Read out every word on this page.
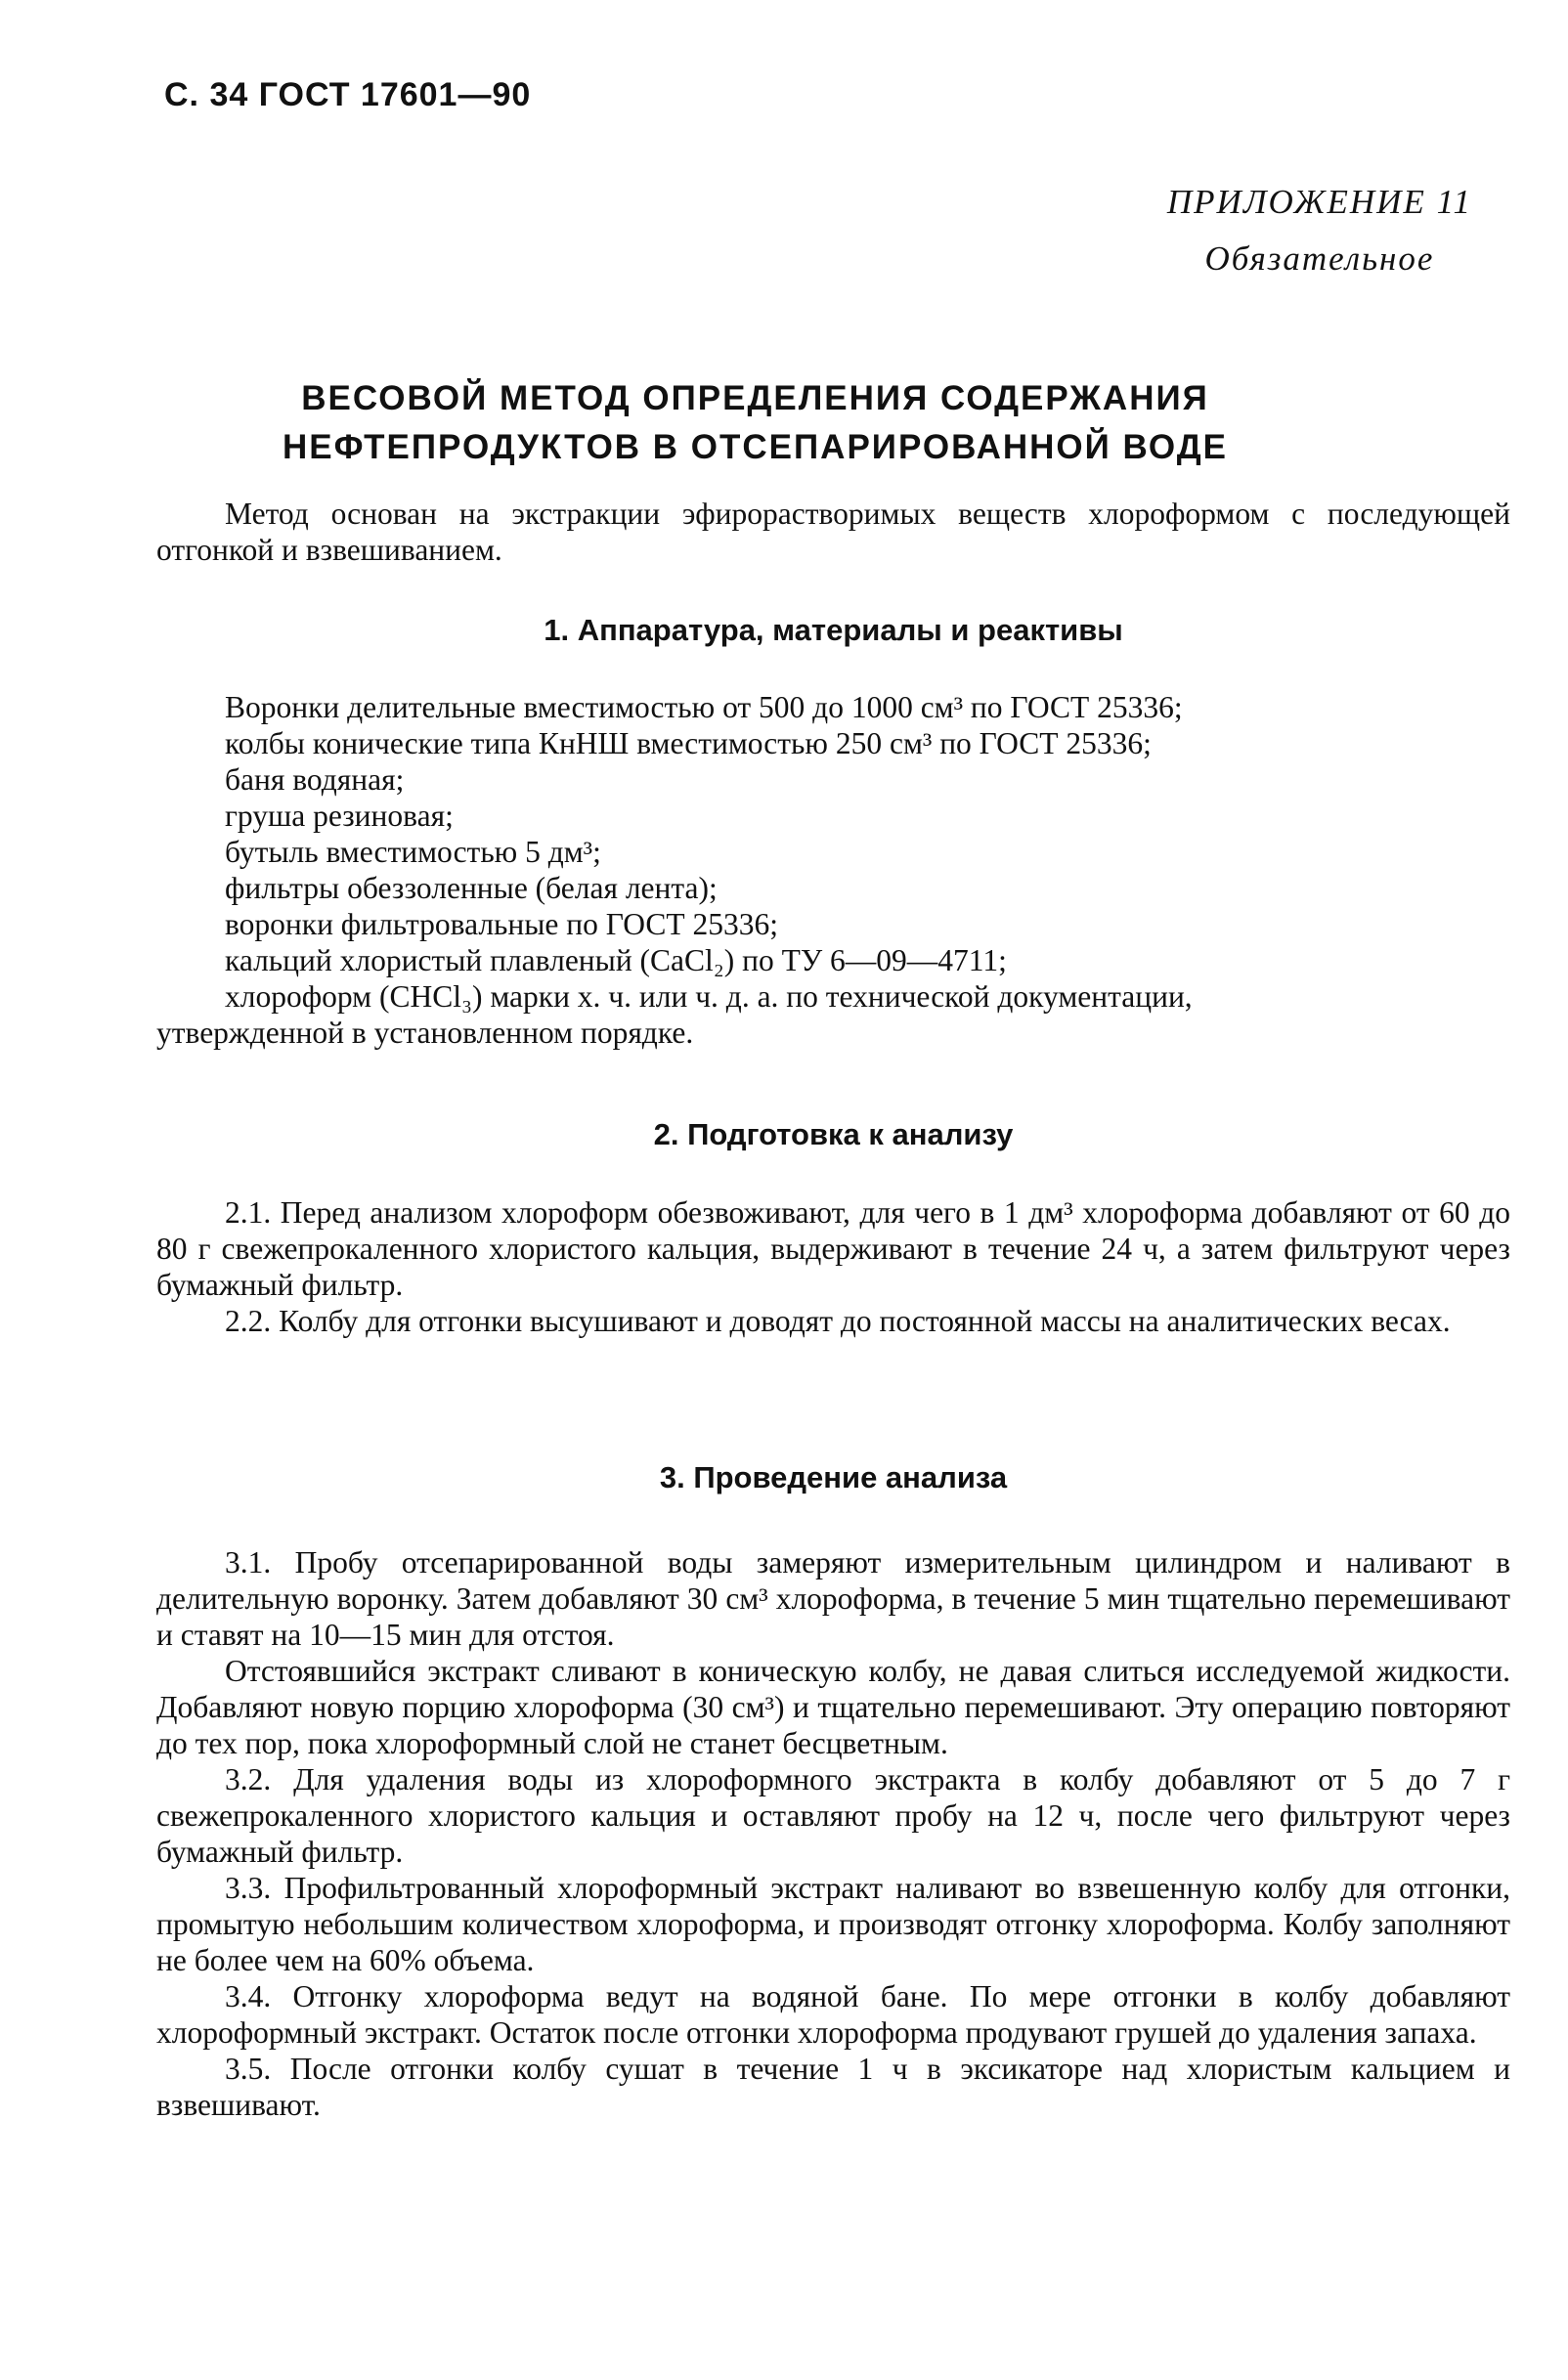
С. 34 ГОСТ 17601—90
ПРИЛОЖЕНИЕ 11
Обязательное
ВЕСОВОЙ МЕТОД ОПРЕДЕЛЕНИЯ СОДЕРЖАНИЯ
НЕФТЕПРОДУКТОВ В ОТСЕПАРИРОВАННОЙ ВОДЕ

Метод основан на экстракции эфирорастворимых веществ хлороформом с последующей отгонкой и взвешиванием.

1. Аппаратура, материалы и реактивы
Воронки делительные вместимостью от 500 до 1000 см³ по ГОСТ 25336;
колбы конические типа КнНШ вместимостью 250 см³ по ГОСТ 25336;
баня водяная;
груша резиновая;
бутыль вместимостью 5 дм³;
фильтры обеззоленные (белая лента);
воронки фильтровальные по ГОСТ 25336;
кальций хлористый плавленый (CaCl₂) по ТУ 6—09—4711;
хлороформ (CHCl₃) марки х. ч. или ч. д. а. по технической документации,
утвержденной в установленном порядке.
2. Подготовка к анализу

2.1. Перед анализом хлороформ обезвоживают, для чего в 1 дм³ хлороформа добавляют от 60 до 80 г свежепрокаленного хлористого кальция, выдерживают в течение 24 ч, а затем фильтруют через бумажный фильтр.

2.2. Колбу для отгонки высушивают и доводят до постоянной массы на аналитических весах.

3. Проведение анализа

3.1. Пробу отсепарированной воды замеряют измерительным цилиндром и наливают в делительную воронку. Затем добавляют 30 см³ хлороформа, в течение 5 мин тщательно перемешивают и ставят на 10—15 мин для отстоя.

Отстоявшийся экстракт сливают в коническую колбу, не давая слиться исследуемой жидкости. Добавляют новую порцию хлороформа (30 см³) и тщательно перемешивают. Эту операцию повторяют до тех пор, пока хлороформный слой не станет бесцветным.

3.2. Для удаления воды из хлороформного экстракта в колбу добавляют от 5 до 7 г свежепрокаленного хлористого кальция и оставляют пробу на 12 ч, после чего фильтруют через бумажный фильтр.

3.3. Профильтрованный хлороформный экстракт наливают во взвешенную колбу для отгонки, промытую небольшим количеством хлороформа, и производят отгонку хлороформа. Колбу заполняют не более чем на 60% объема.

3.4. Отгонку хлороформа ведут на водяной бане. По мере отгонки в колбу добавляют хлороформный экстракт. Остаток после отгонки хлороформа продувают грушей до удаления запаха.

3.5. После отгонки колбу сушат в течение 1 ч в эксикаторе над хлористым кальцием и взвешивают.
